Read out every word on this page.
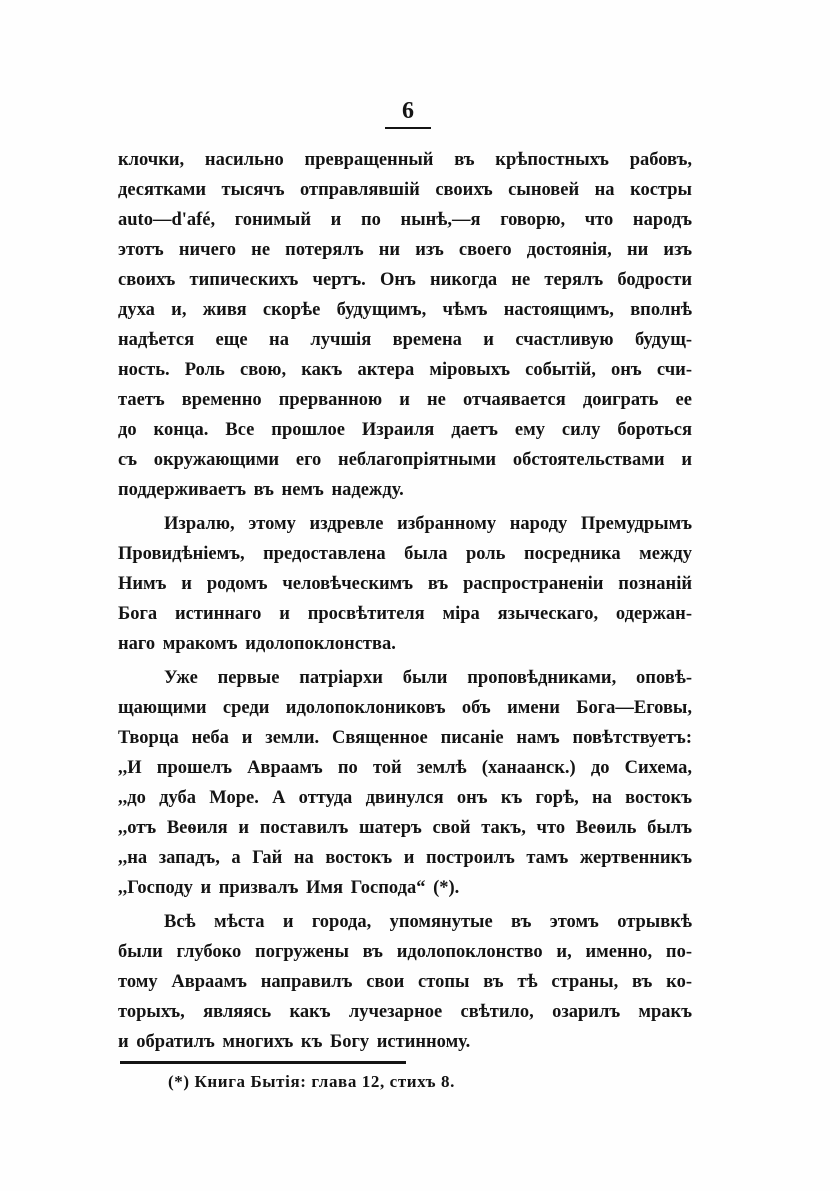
6
клочки, насильно превращенный въ крѣпостныхъ рабовъ,
десятками тысячъ отправлявшій своихъ сыновей на костры
auto—d'afé, гонимый и по нынѣ,—я говорю, что народъ
этотъ ничего не потерялъ ни изъ своего достоянія, ни изъ
своихъ типическихъ чертъ. Онъ никогда не терялъ бодрости
духа и, живя скорѣе будущимъ, чѣмъ настоящимъ, вполнѣ
надѣется еще на лучшія времена и счастливую будущ-
ность. Роль свою, какъ актера міровыхъ событій, онъ счи-
таетъ временно прерванною и не отчаявается доиграть ее
до конца. Все прошлое Израиля даетъ ему силу бороться
съ окружающими его неблагопріятными обстоятельствами и
поддерживаетъ въ немъ надежду.
Изралю, этому издревле избранному народу Премудрымъ
Провидѣніемъ, предоставлена была роль посредника между
Нимъ и родомъ человѣческимъ въ распространеніи познаній
Бога истиннаго и просвѣтителя міра языческаго, одержан-
наго мракомъ идолопоклонства.
Уже первые патріархи были проповѣдниками, оповѣ-
щающими среди идолопоклониковъ объ имени Бога—Еговы,
Творца неба и земли. Священное писаніе намъ повѣтствуетъ:
,,И прошелъ Авраамъ по той землѣ (ханаанск.) до Сихема,
,,до дуба Море. А оттуда двинулся онъ къ горѣ, на востокъ
,,отъ Веѳиля и поставилъ шатеръ свой такъ, что Веѳиль былъ
,,на западъ, а Гай на востокъ и построилъ тамъ жертвенникъ
,,Господу и призвалъ Имя Господа“ (*).
Всѣ мѣста и города, упомянутые въ этомъ отрывкѣ
были глубоко погружены въ идолопоклонство и, именно, по-
тому Авраамъ направилъ свои стопы въ тѣ страны, въ ко-
торыхъ, являясь какъ лучезарное свѣтило, озарилъ мракъ
и обратилъ многихъ къ Богу истинному.
(*) Книга Бытія: глава 12, стихъ 8.
